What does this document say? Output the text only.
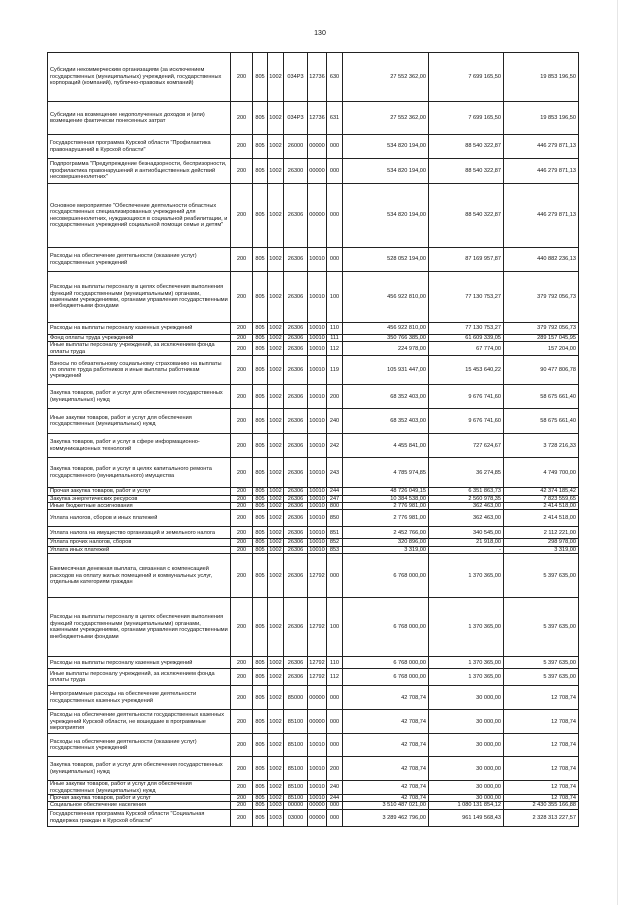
130
Субсидии некоммерческим организациям (за исключением государственных (муниципальных) учреждений, государственных корпораций (компаний), публично-правовых компаний)	200	805	1002	034Р3	12736	630	27 552 362,00	7 699 165,50	19 853 196,50
Субсидии на возмещение недополученных доходов и (или) возмещение фактически понесенных затрат	200	805	1002	034Р3	12736	631	27 552 362,00	7 699 165,50	19 853 196,50
Государственная программа Курской области "Профилактика правонарушений в Курской области"	200	805	1002	26000	00000	000	534 820 194,00	88 540 322,87	446 279 871,13
Подпрограмма "Предупреждение безнадзорности, беспризорности, профилактика правонарушений и антиобщественных действий несовершеннолетних"	200	805	1002	26300	00000	000	534 820 194,00	88 540 322,87	446 279 871,13
Основное мероприятие "Обеспечение деятельности областных государственных специализированных учреждений для несовершеннолетних, нуждающихся в социальной реабилитации, и государственных учреждений социальной помощи семье и детям"	200	805	1002	26306	00000	000	534 820 194,00	88 540 322,87	446 279 871,13
Расходы на обеспечение деятельности (оказание услуг) государственных учреждений	200	805	1002	26306	10010	000	528 052 194,00	87 169 957,87	440 882 236,13
Расходы на выплаты персоналу в целях обеспечения выполнения функций государственными (муниципальными) органами, казенными учреждениями, органами управления государственными внебюджетными фондами	200	805	1002	26306	10010	100	456 922 810,00	77 130 753,27	379 792 056,73
Расходы на выплаты персоналу казенных учреждений	200	805	1002	26306	10010	110	456 922 810,00	77 130 753,27	379 792 056,73
Фонд оплаты труда учреждений	200	805	1002	26306	10010	111	350 766 385,00	61 609 339,05	289 157 045,95
Иные выплаты персоналу учреждений, за исключением фонда оплаты труда	200	805	1002	26306	10010	112	224 978,00	67 774,00	157 204,00
Взносы по обязательному социальному страхованию на выплаты по оплате труда работников и иные выплаты работникам учреждений	200	805	1002	26306	10010	119	105 931 447,00	15 453 640,22	90 477 806,78
Закупка товаров, работ и услуг для обеспечения государственных (муниципальных) нужд	200	805	1002	26306	10010	200	68 352 403,00	9 676 741,60	58 675 661,40
Иные закупки товаров, работ и услуг для обеспечения государственных (муниципальных) нужд	200	805	1002	26306	10010	240	68 352 403,00	9 676 741,60	58 675 661,40
Закупка товаров, работ и услуг в сфере информационно-коммуникационных технологий	200	805	1002	26306	10010	242	4 455 841,00	727 624,67	3 728 216,33
Закупка товаров, работ и услуг в целях капитального ремонта государственного (муниципального) имущества	200	805	1002	26306	10010	243	4 785 974,85	36 274,85	4 749 700,00
Прочая закупка товаров, работ и услуг	200	805	1002	26306	10010	244	48 726 049,15	6 351 863,73	42 374 185,42
Закупка энергетических ресурсов	200	805	1002	26306	10010	247	10 384 538,00	2 560 978,35	7 823 559,65
Иные бюджетные ассигнования	200	805	1002	26306	10010	800	2 776 981,00	362 463,00	2 414 518,00
Уплата налогов, сборов и иных платежей	200	805	1002	26306	10010	850	2 776 981,00	362 463,00	2 414 518,00
Уплата налога на имущество организаций и земельного налога	200	805	1002	26306	10010	851	2 452 766,00	340 545,00	2 112 221,00
Уплата прочих налогов, сборов	200	805	1002	26306	10010	852	320 896,00	21 918,00	298 978,00
Уплата иных платежей	200	805	1002	26306	10010	853	3 319,00	-	3 319,00
Ежемесячная денежная выплата, связанная с компенсацией расходов на оплату жилых помещений и коммунальных услуг, отдельным категориям граждан	200	805	1002	26306	12792	000	6 768 000,00	1 370 365,00	5 397 635,00
Расходы на выплаты персоналу в целях обеспечения выполнения функций государственными (муниципальными) органами, казенными учреждениями, органами управления государственными внебюджетными фондами	200	805	1002	26306	12792	100	6 768 000,00	1 370 365,00	5 397 635,00
Расходы на выплаты персоналу казенных учреждений	200	805	1002	26306	12792	110	6 768 000,00	1 370 365,00	5 397 635,00
Иные выплаты персоналу учреждений, за исключением фонда оплаты труда	200	805	1002	26306	12792	112	6 768 000,00	1 370 365,00	5 397 635,00
Непрограммные расходы на обеспечение деятельности государственных казенных учреждений	200	805	1002	85000	00000	000	42 708,74	30 000,00	12 708,74
Расходы на обеспечение деятельности государственных казенных учреждений Курской области, не вошедшие в программные мероприятия	200	805	1002	85100	00000	000	42 708,74	30 000,00	12 708,74
Расходы на обеспечение деятельности (оказание услуг) государственных учреждений	200	805	1002	85100	10010	000	42 708,74	30 000,00	12 708,74
Закупка товаров, работ и услуг для обеспечения государственных (муниципальных) нужд	200	805	1002	85100	10010	200	42 708,74	30 000,00	12 708,74
Иные закупки товаров, работ и услуг для обеспечения государственных (муниципальных) нужд	200	805	1002	85100	10010	240	42 708,74	30 000,00	12 708,74
Прочая закупка товаров, работ и услуг	200	805	1002	85100	10010	244	42 708,74	30 000,00	12 708,74
Социальное обеспечение населения	200	805	1003	00000	00000	000	3 510 487 021,00	1 080 131 854,12	2 430 355 166,88
Государственная программа Курской области "Социальная поддержка граждан в Курской области"	200	805	1003	03000	00000	000	3 289 462 796,00	961 149 568,43	2 328 313 227,57
